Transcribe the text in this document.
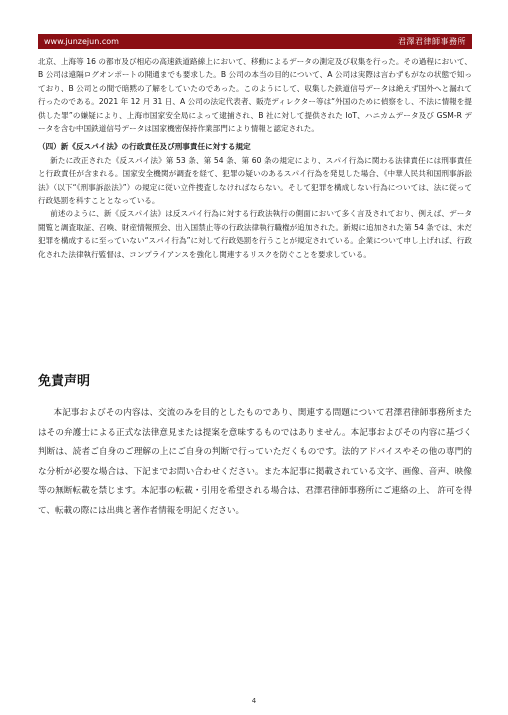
www.junzejun.com	君澤君律師事務所

北京、上海等 16 の都市及び相応の高速鉄道路線上において、移動によるデータの測定及び収集を行った。その過程において、B 公司は遠隔ログオンポートの開通までも要求した。B 公司の本当の目的について、A 公司は実際は言わずもがなの状態で知っており、B 公司との間で暗黙の了解をしていたのであった。このようにして、収集した鉄道信号データは絶えず国外へと漏れて行ったのである。2021 年 12 月 31 日、A 公司の法定代表者、販売ディレクター等は“外国のために偵察をし、不法に情報を提供した罪”の嫌疑により、上海市国家安全局によって逮捕され、B 社に対して提供された IoT、ハニカムデータ及び GSM-R データを含む中国鉄道信号データは国家機密保持作業部門により情報と認定された。

（四）新《反スパイ法》の行政責任及び刑事責任に対する規定

新たに改正された《反スパイ法》第 53 条、第 54 条、第 60 条の規定により、スパイ行為に関わる法律責任には刑事責任と行政責任が含まれる。国家安全機関が調査を経て、犯罪の疑いのあるスパイ行為を発見した場合、《中華人民共和国刑事訴訟法》（以下“《刑事訴訟法》”）の規定に従い立件捜査しなければならない。そして犯罪を構成しない行為については、法に従って行政処罰を科すこととなっている。

前述のように、新《反スパイ法》は反スパイ行為に対する行政法執行の側面において多く言及されており、例えば、データ閲覧と調査取証、召喚、財産情報照会、出入国禁止等の行政法律執行職権が追加された。新規に追加された第 54 条では、未だ犯罪を構成するに至っていない“スパイ行為”に対して行政処罰を行うことが規定されている。企業について申し上げれば、行政化された法律執行監督は、コンプライアンスを強化し関連するリスクを防ぐことを要求している。

免責声明

本記事およびその内容は、交流のみを目的としたものであり、関連する問題について君澤君律師事務所またはその弁護士による正式な法律意見または提案を意味するものではありません。本記事およびその内容に基づく判断は、読者ご自身のご理解の上にご自身の判断で行っていただくものです。法的アドバイスやその他の専門的な分析が必要な場合は、下記までお問い合わせください。また本記事に掲載されている文字、画像、音声、映像等の無断転載を禁じます。本記事の転載・引用を希望される場合は、君澤君律師事務所にご連絡の上、 許可を得て、転載の際には出典と著作者情報を明記ください。

4
